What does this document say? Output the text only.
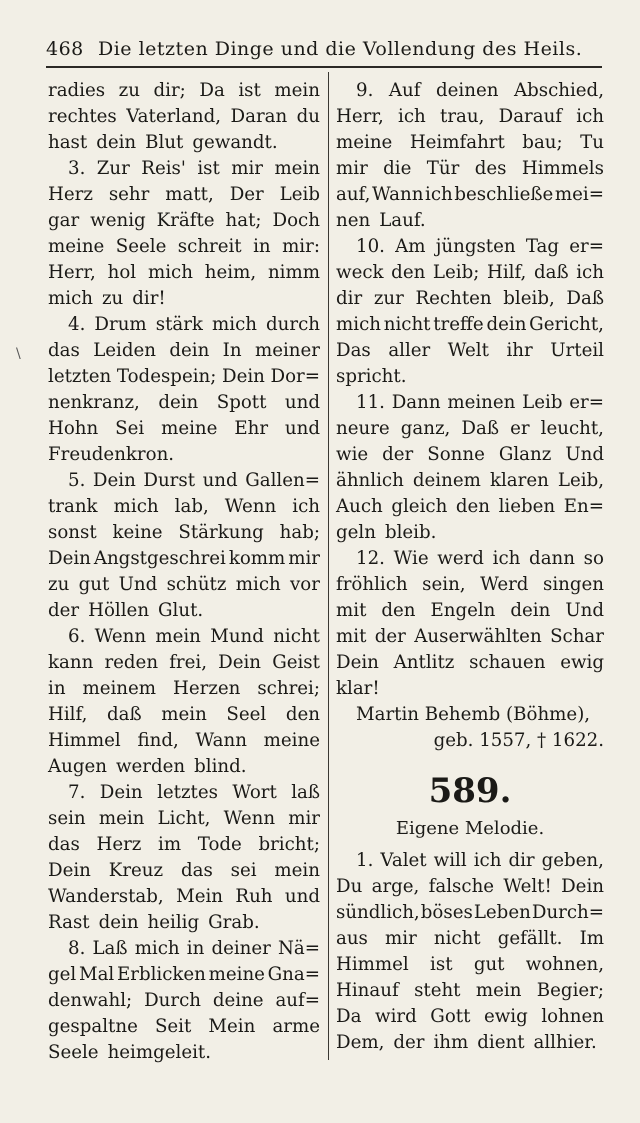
468 Die letzten Dinge und die Vollendung des Heils.
\
radies zu dir; Da ist mein
rechtes Vaterland, Daran du
hast dein Blut gewandt.
3. Zur Reis' ist mir mein
Herz sehr matt, Der Leib
gar wenig Kräfte hat; Doch
meine Seele schreit in mir:
Herr, hol mich heim, nimm
mich zu dir!
4. Drum stärk mich durch
das Leiden dein In meiner
letzten Todespein; Dein Dor=
nenkranz, dein Spott und
Hohn Sei meine Ehr und
Freudenkron.
5. Dein Durst und Gallen=
trank mich lab, Wenn ich
sonst keine Stärkung hab;
Dein Angstgeschrei komm mir
zu gut Und schütz mich vor
der Höllen Glut.
6. Wenn mein Mund nicht
kann reden frei, Dein Geist
in meinem Herzen schrei;
Hilf, daß mein Seel den
Himmel find, Wann meine
Augen werden blind.
7. Dein letztes Wort laß
sein mein Licht, Wenn mir
das Herz im Tode bricht;
Dein Kreuz das sei mein
Wanderstab, Mein Ruh und
Rast dein heilig Grab.
8. Laß mich in deiner Nä=
gel Mal Erblicken meine Gna=
denwahl; Durch deine auf=
gespaltne Seit Mein arme
Seele heimgeleit.
9. Auf deinen Abschied,
Herr, ich trau, Darauf ich
meine Heimfahrt bau; Tu
mir die Tür des Himmels
auf, Wann ich beschließe mei=
nen Lauf.
10. Am jüngsten Tag er=
weck den Leib; Hilf, daß ich
dir zur Rechten bleib, Daß
mich nicht treffe dein Gericht,
Das aller Welt ihr Urteil
spricht.
11. Dann meinen Leib er=
neure ganz, Daß er leucht,
wie der Sonne Glanz Und
ähnlich deinem klaren Leib,
Auch gleich den lieben En=
geln bleib.
12. Wie werd ich dann so
fröhlich sein, Werd singen
mit den Engeln dein Und
mit der Auserwählten Schar
Dein Antlitz schauen ewig
klar!
Martin Behemb (Böhme),
geb. 1557, † 1622.
589.
Eigene Melodie.
1. Valet will ich dir geben,
Du arge, falsche Welt! Dein
sündlich, böses Leben Durch=
aus mir nicht gefällt. Im
Himmel ist gut wohnen,
Hinauf steht mein Begier;
Da wird Gott ewig lohnen
Dem, der ihm dient allhier.
